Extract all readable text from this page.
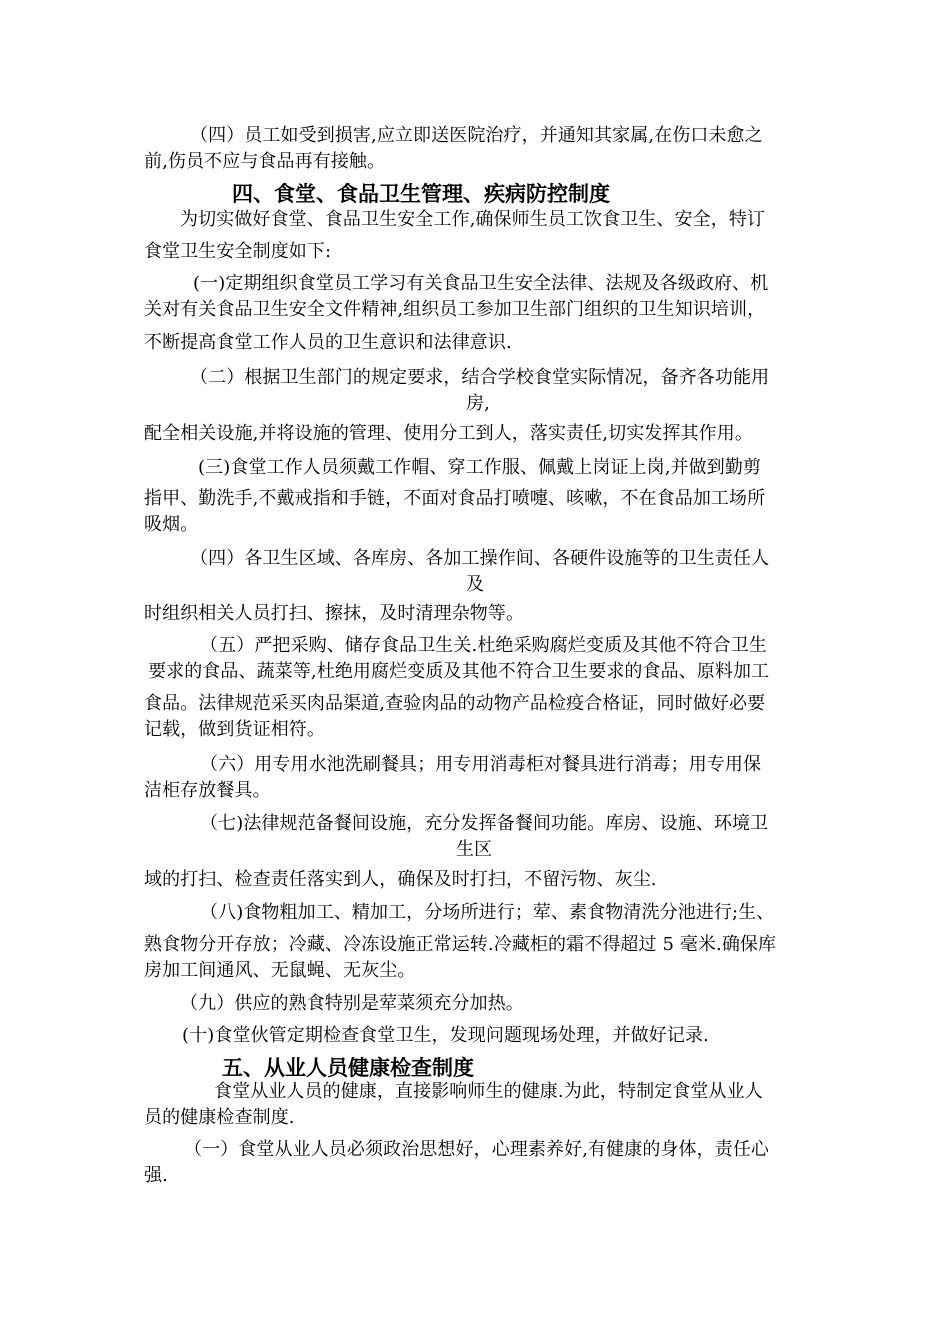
（四）员工如受到损害,应立即送医院治疗，并通知其家属,在伤口未愈之
前,伤员不应与食品再有接触。
四、食堂、食品卫生管理、疾病防控制度
为切实做好食堂、食品卫生安全工作,确保师生员工饮食卫生、安全，特订
食堂卫生安全制度如下:
(一)定期组织食堂员工学习有关食品卫生安全法律、法规及各级政府、机
关对有关食品卫生安全文件精神,组织员工参加卫生部门组织的卫生知识培训，
不断提高食堂工作人员的卫生意识和法律意识.
（二）根据卫生部门的规定要求，结合学校食堂实际情况，备齐各功能用
房,
配全相关设施,并将设施的管理、使用分工到人，落实责任,切实发挥其作用。
(三)食堂工作人员须戴工作帽、穿工作服、佩戴上岗证上岗,并做到勤剪
指甲、勤洗手,不戴戒指和手链，不面对食品打喷嚏、咳嗽，不在食品加工场所
吸烟。
（四）各卫生区域、各库房、各加工操作间、各硬件设施等的卫生责任人
及
时组织相关人员打扫、擦抹，及时清理杂物等。
（五）严把采购、储存食品卫生关.杜绝采购腐烂变质及其他不符合卫生
要求的食品、蔬菜等,杜绝用腐烂变质及其他不符合卫生要求的食品、原料加工
食品。法律规范采买肉品渠道,查验肉品的动物产品检疫合格证，同时做好必要
记载，做到货证相符。
（六）用专用水池洗刷餐具；用专用消毒柜对餐具进行消毒；用专用保
洁柜存放餐具。
（七)法律规范备餐间设施，充分发挥备餐间功能。库房、设施、环境卫
生区
域的打扫、检查责任落实到人，确保及时打扫，不留污物、灰尘.
（八)食物粗加工、精加工，分场所进行；荤、素食物清洗分池进行;生、
熟食物分开存放；冷藏、冷冻设施正常运转.冷藏柜的霜不得超过 5 毫米.确保库
房加工间通风、无鼠蝇、无灰尘。
（九）供应的熟食特别是荤菜须充分加热。
(十)食堂伙管定期检查食堂卫生，发现问题现场处理，并做好记录.
五、从业人员健康检查制度
食堂从业人员的健康，直接影响师生的健康.为此，特制定食堂从业人
员的健康检查制度.
（一）食堂从业人员必须政治思想好，心理素养好,有健康的身体，责任心
强.
